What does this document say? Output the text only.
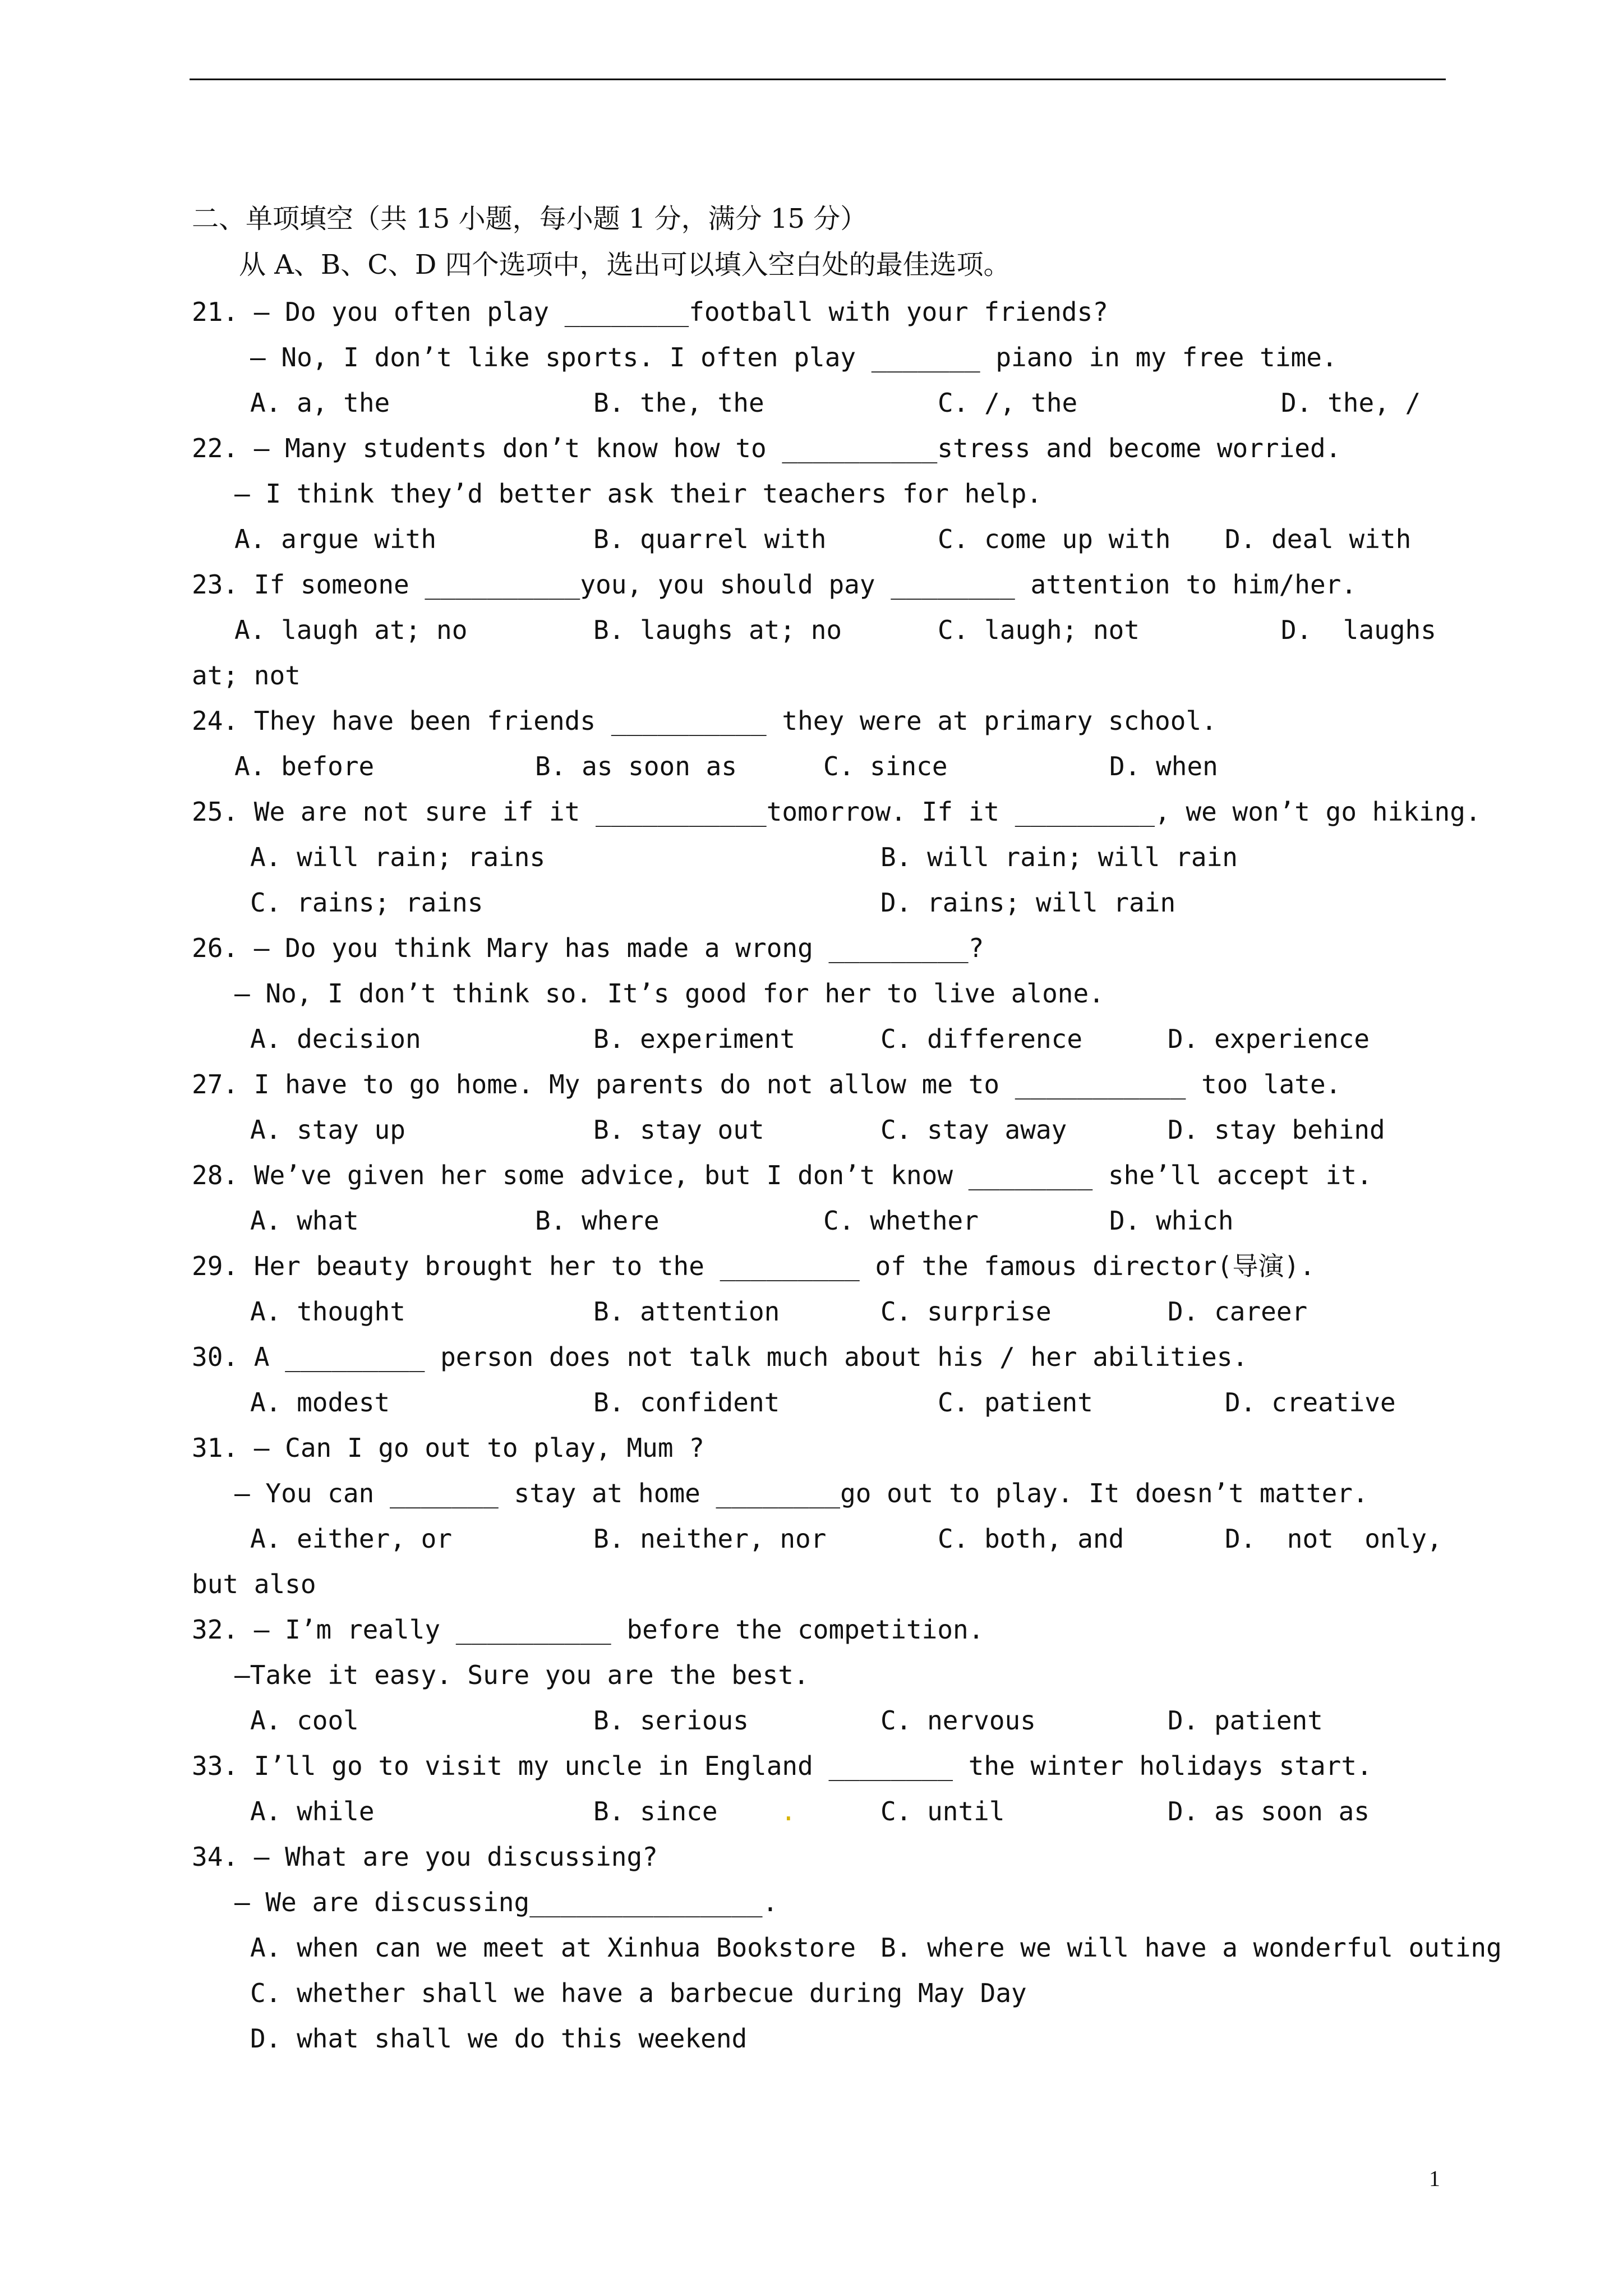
二、单项填空（共 15 小题，每小题 1 分，满分 15 分）
从 A、B、C、D 四个选项中，选出可以填入空白处的最佳选项。
21. — Do you often play ________football with your friends?
— No, I don’t like sports. I often play _______ piano in my free time.
A. a, the	B. the, the	C. /, the	D. the, /
22. — Many students don’t know how to __________stress and become worried.
— I think they’d better ask their teachers for help.
A. argue with	B. quarrel with	C. come up with D. deal with
23. If someone __________you, you should pay ________ attention to him/her.
A. laugh at; no	B. laughs at; no	C. laugh; not	D.  laughs
at; not
24. They have been friends __________ they were at primary school.
A. before	B. as soon as	C. since	D. when
25. We are not sure if it ___________tomorrow. If it _________, we won’t go hiking.
A. will rain; rains	B. will rain; will rain
C. rains; rains	D. rains; will rain
26. — Do you think Mary has made a wrong _________?
— No, I don’t think so. It’s good for her to live alone.
A. decision	B. experiment	C. difference	D. experience
27. I have to go home. My parents do not allow me to ___________ too late.
A. stay up	B. stay out	C. stay away	D. stay behind
28. We’ve given her some advice, but I don’t know ________ she’ll accept it.
A. what	B. where	C. whether	D. which
29. Her beauty brought her to the _________ of the famous director(导演).
A. thought	B. attention	C. surprise	D. career
30. A _________ person does not talk much about his / her abilities.
A. modest	B. confident	C. patient	D. creative
31. — Can I go out to play, Mum ?
— You can _______ stay at home ________go out to play. It doesn’t matter.
A. either, or	B. neither, nor	C. both, and	D.  not  only,
but also
32. — I’m really __________ before the competition.
—Take it easy. Sure you are the best.
A. cool	B. serious	C. nervous	D. patient
33. I’ll go to visit my uncle in England ________ the winter holidays start.
A. while	B. since .	C. until	D. as soon as
34. — What are you discussing?
— We are discussing_______________.
A. when can we meet at Xinhua Bookstore B. where we will have a wonderful outing
C. whether shall we have a barbecue during May Day
D. what shall we do this weekend
1
